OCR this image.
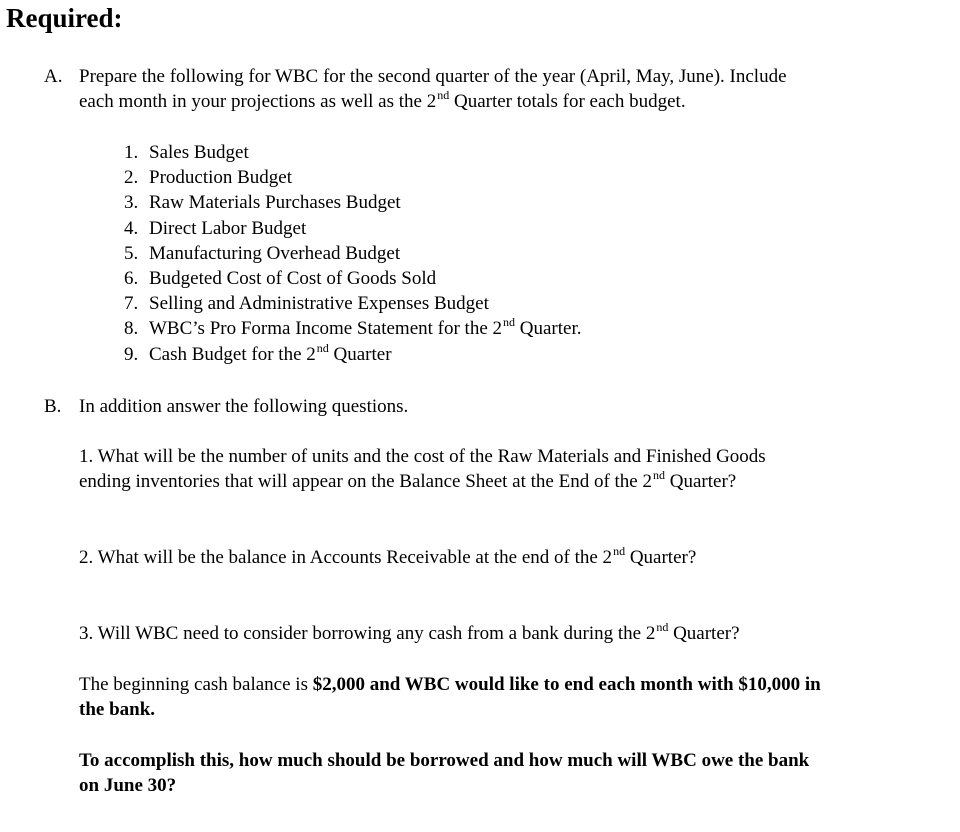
Required:
A. Prepare the following for WBC for the second quarter of the year (April, May, June). Include
each month in your projections as well as the 2nd Quarter totals for each budget.
1. Sales Budget
2. Production Budget
3. Raw Materials Purchases Budget
4. Direct Labor Budget
5. Manufacturing Overhead Budget
6. Budgeted Cost of Cost of Goods Sold
7. Selling and Administrative Expenses Budget
8. WBC’s Pro Forma Income Statement for the 2nd Quarter.
9. Cash Budget for the 2nd Quarter
B. In addition answer the following questions.
1. What will be the number of units and the cost of the Raw Materials and Finished Goods
ending inventories that will appear on the Balance Sheet at the End of the 2nd Quarter?
2. What will be the balance in Accounts Receivable at the end of the 2nd Quarter?
3. Will WBC need to consider borrowing any cash from a bank during the 2nd Quarter?
The beginning cash balance is $2,000 and WBC would like to end each month with $10,000 in
the bank.
To accomplish this, how much should be borrowed and how much will WBC owe the bank
on June 30?
